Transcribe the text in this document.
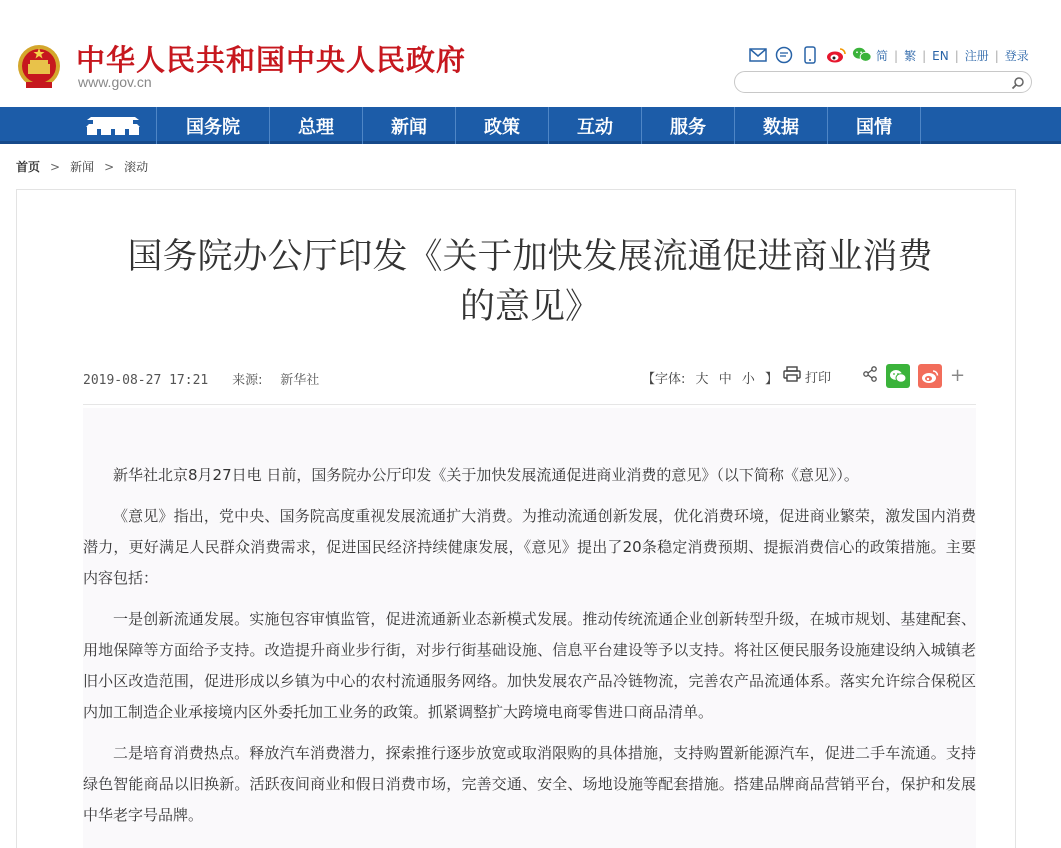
中华人民共和国中央人民政府
www.gov.cn
简 | 繁 | EN | 注册 | 登录
国务院	总理	新闻	政策	互动	服务	数据	国情
首页 > 新闻 > 滚动
国务院办公厅印发《关于加快发展流通促进商业消费
的意见》
2019-08-27 17:21 来源: 新华社	【字体: 大 中 小 】 打印	+

新华社北京8月27日电 日前，国务院办公厅印发《关于加快发展流通促进商业消费的意见》（以下简称《意见》）。

《意见》指出，党中央、国务院高度重视发展流通扩大消费。为推动流通创新发展，优化消费环境，促进商业繁荣，激发国内消费潜力，更好满足人民群众消费需求，促进国民经济持续健康发展，《意见》提出了20条稳定消费预期、提振消费信心的政策措施。主要内容包括：

一是创新流通发展。实施包容审慎监管，促进流通新业态新模式发展。推动传统流通企业创新转型升级，在城市规划、基建配套、用地保障等方面给予支持。改造提升商业步行街，对步行街基础设施、信息平台建设等予以支持。将社区便民服务设施建设纳入城镇老旧小区改造范围，促进形成以乡镇为中心的农村流通服务网络。加快发展农产品冷链物流，完善农产品流通体系。落实允许综合保税区内加工制造企业承接境内区外委托加工业务的政策。抓紧调整扩大跨境电商零售进口商品清单。

二是培育消费热点。释放汽车消费潜力，探索推行逐步放宽或取消限购的具体措施，支持购置新能源汽车，促进二手车流通。支持绿色智能商品以旧换新。活跃夜间商业和假日消费市场，完善交通、安全、场地设施等配套措施。搭建品牌商品营销平台，保护和发展中华老字号品牌。
